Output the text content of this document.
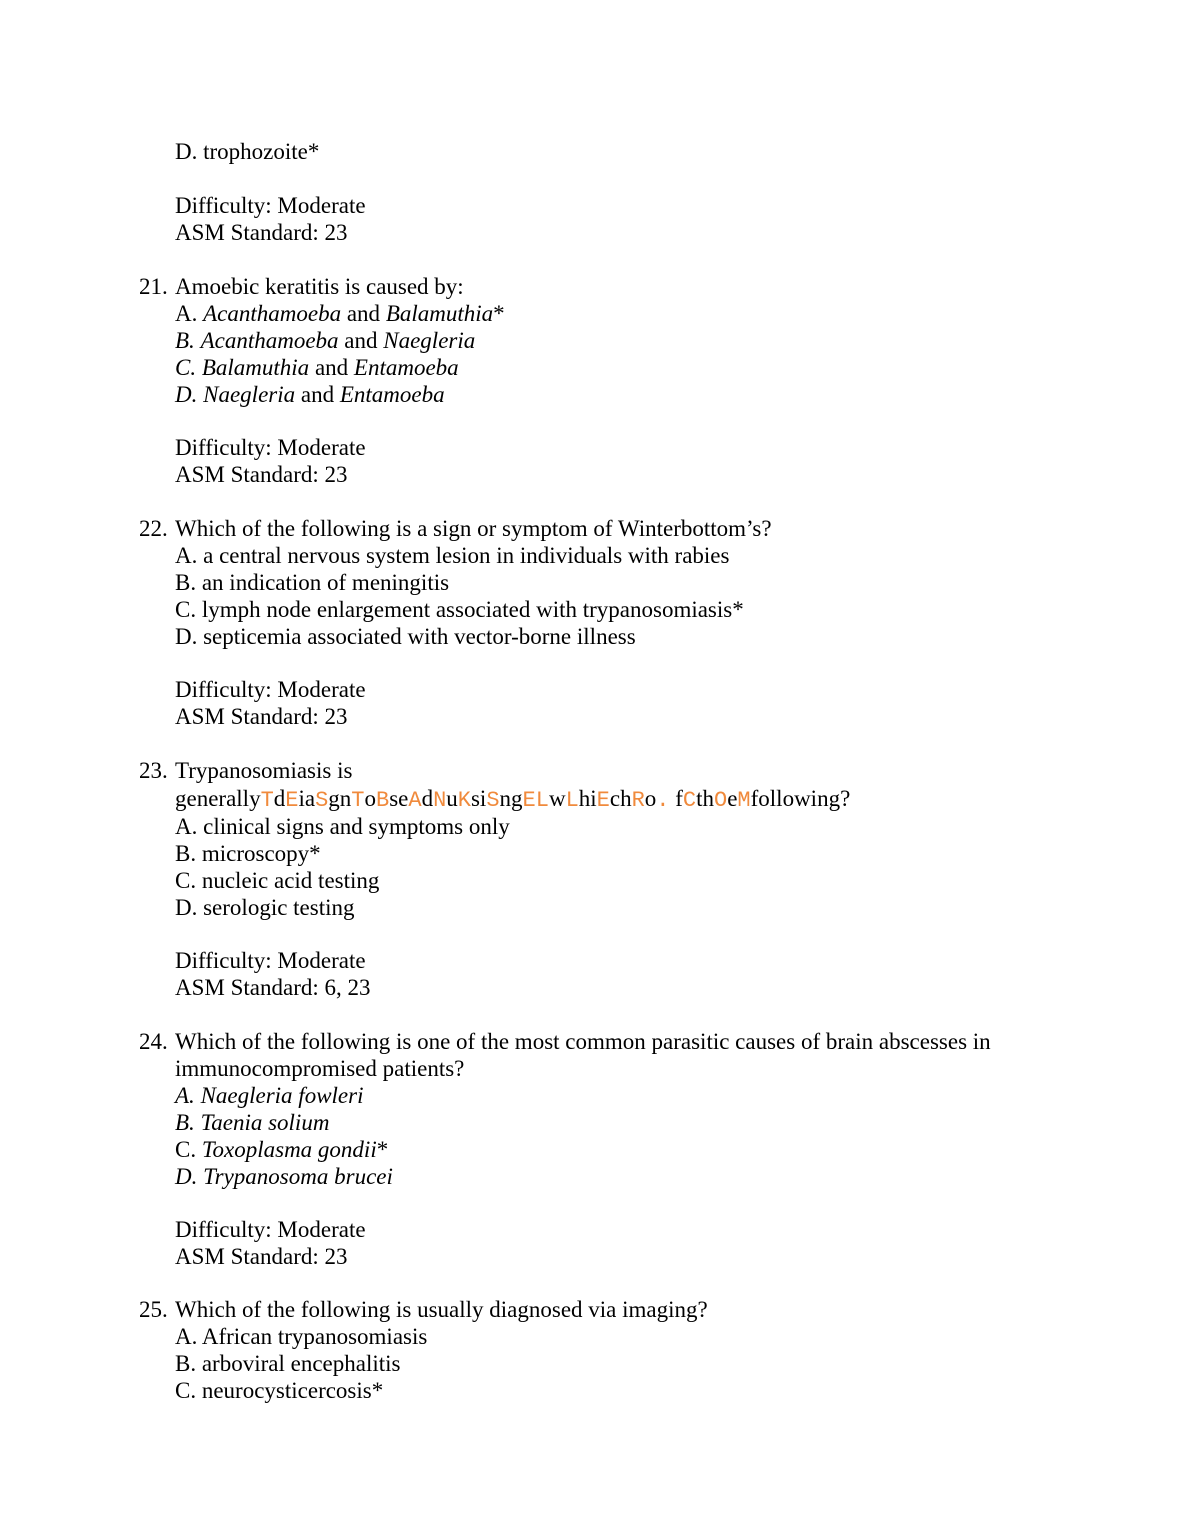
D. trophozoite*
Difficulty: Moderate
ASM Standard: 23
21. Amoebic keratitis is caused by:
A. Acanthamoeba and Balamuthia*
B. Acanthamoeba and Naegleria
C. Balamuthia and Entamoeba
D. Naegleria and Entamoeba
Difficulty: Moderate
ASM Standard: 23
22. Which of the following is a sign or symptom of Winterbottom’s?
A. a central nervous system lesion in individuals with rabies
B. an indication of meningitis
C. lymph node enlargement associated with trypanosomiasis*
D. septicemia associated with vector-borne illness
Difficulty: Moderate
ASM Standard: 23
23. Trypanosomiasis is
generallyTdEiaSgnToBseAdNuKsiSngELwLhiEchRo. fCthOeMfollowing?
A. clinical signs and symptoms only
B. microscopy*
C. nucleic acid testing
D. serologic testing
Difficulty: Moderate
ASM Standard: 6, 23
24. Which of the following is one of the most common parasitic causes of brain abscesses in
immunocompromised patients?
A. Naegleria fowleri
B. Taenia solium
C. Toxoplasma gondii*
D. Trypanosoma brucei
Difficulty: Moderate
ASM Standard: 23
25. Which of the following is usually diagnosed via imaging?
A. African trypanosomiasis
B. arboviral encephalitis
C. neurocysticercosis*
